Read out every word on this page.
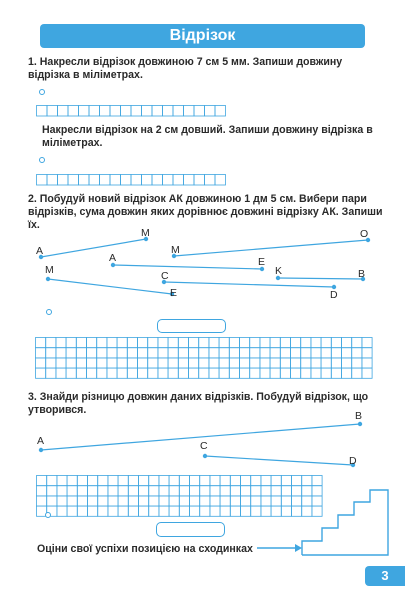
Відрізок
1. Накресли відрізок довжиною 7 см 5 мм. Запиши довжину відрізка в міліметрах.
Накресли відрізок на 2 см довший. Запиши довжину відрізка в міліметрах.
2. Побудуй новий відрізок АК довжиною 1 дм 5 см. Вибери пари відрізків, сума довжин яких дорівнює довжині відрізку АК. Запиши їх.
A
M
M
O
A	E
K	B
M	C
D
E
3. Знайди різницю довжин даних відрізків. Побудуй відрізок, що утворився.
A
B
C
D
Оціни свої успіхи позицією на сходинках
3
